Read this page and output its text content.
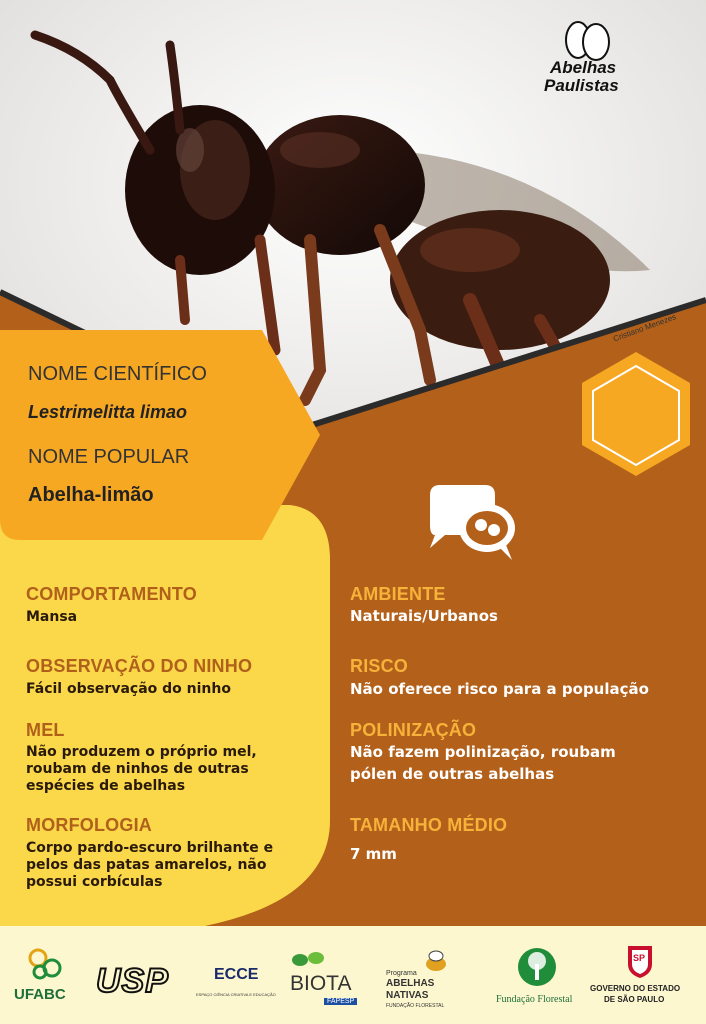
Abelhas
Paulistas
Cristiano Menezes
NOME CIENTÍFICO
Lestrimelitta limao
NOME POPULAR
Abelha-limão
COMPORTAMENTO
Mansa
OBSERVAÇÃO DO NINHO
Fácil observação do ninho
MEL
Não produzem o próprio mel, roubam de ninhos de outras espécies de abelhas
MORFOLOGIA
Corpo pardo-escuro brilhante e pelos das patas amarelos, não possui corbículas
AMBIENTE
Naturais/Urbanos
RISCO
Não oferece risco para a população
POLINIZAÇÃO
Não fazem polinização, roubam pólen de outras abelhas
TAMANHO MÉDIO
7 mm
UFABC USP	ECCE
ESPAÇO CIÊNCIA CRIATIVA E EDUCAÇÃO BIOTA
FAPESP
Programa
ABELHAS
NATIVAS
FUNDAÇÃO FLORESTAL
Fundação Florestal
SP
GOVERNO DO ESTADO
DE SÃO PAULO
